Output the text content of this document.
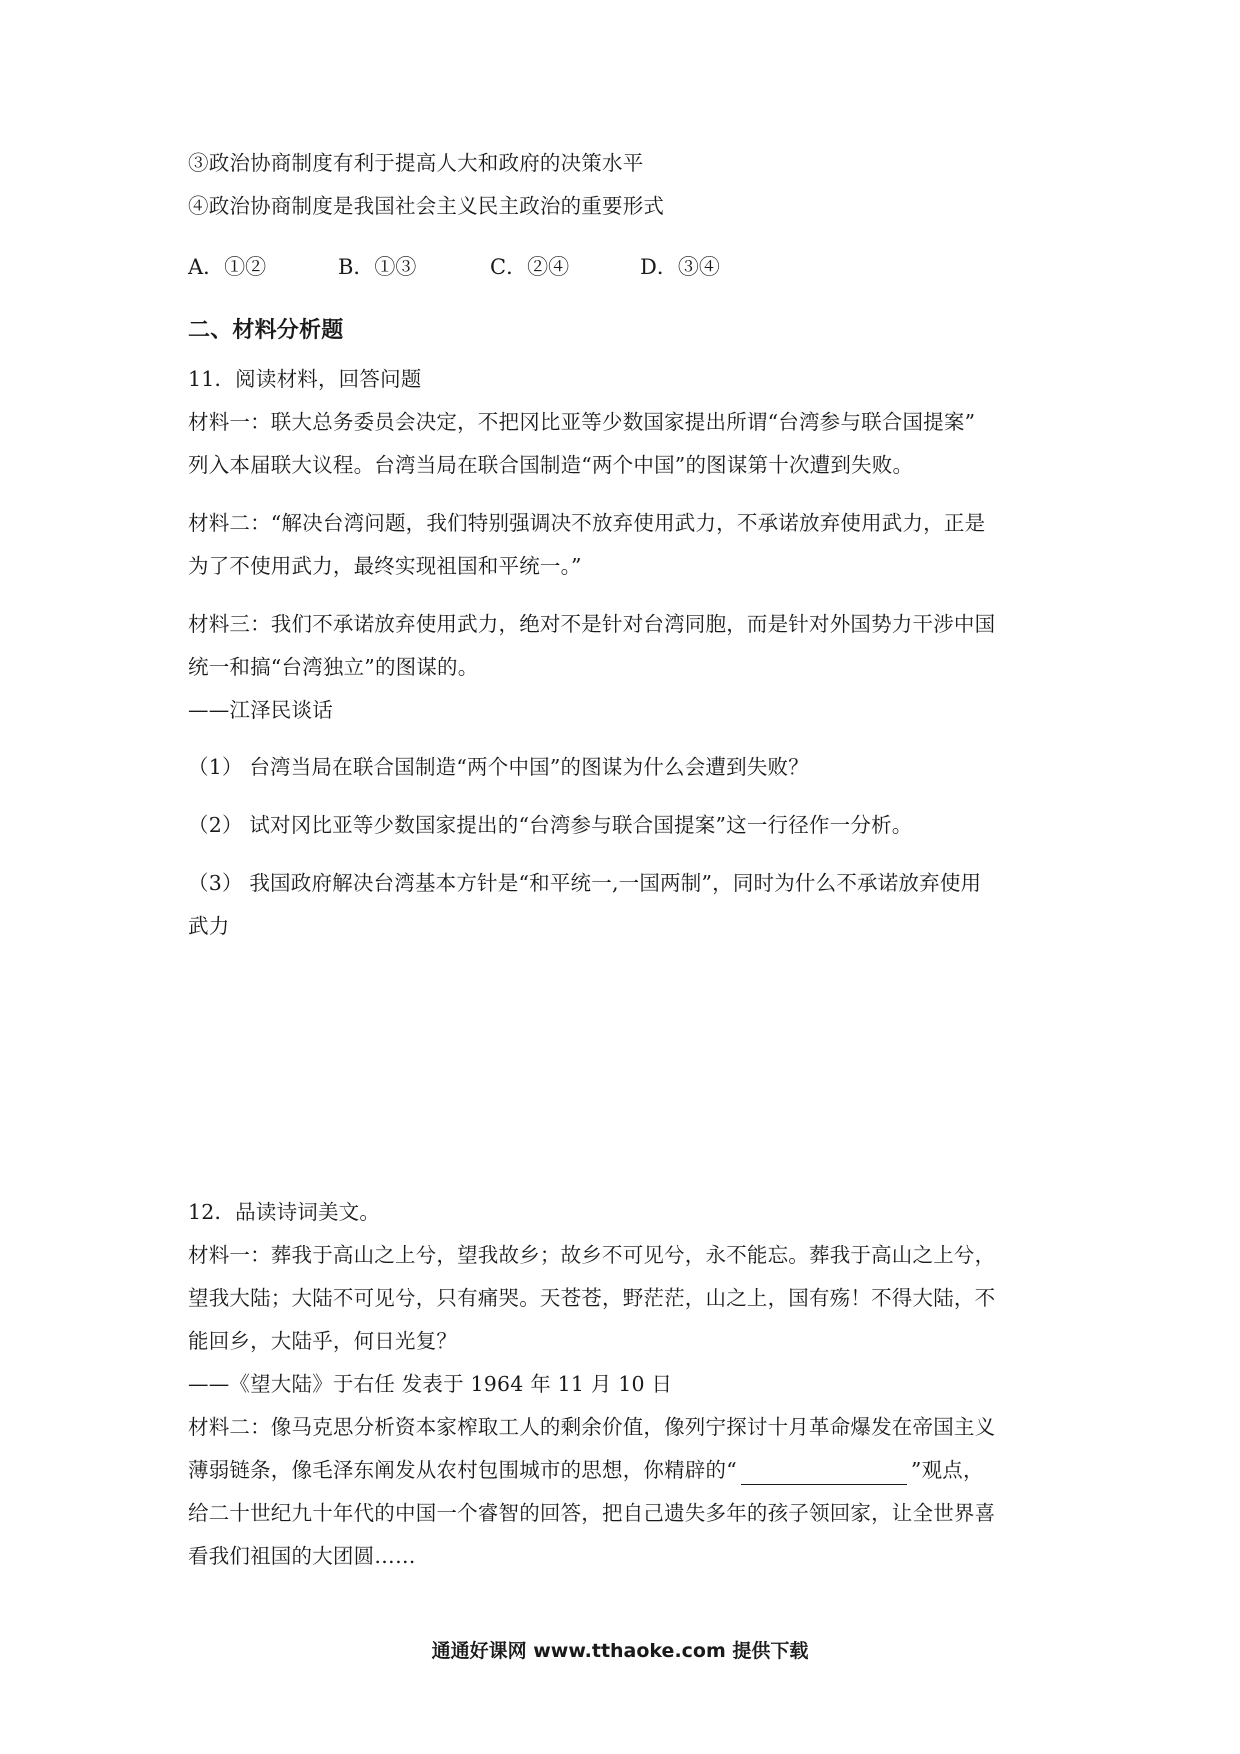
③政治协商制度有利于提高人大和政府的决策水平
④政治协商制度是我国社会主义民主政治的重要形式
A．①②	B．①③	C．②④	D．③④
二、材料分析题
11．阅读材料，回答问题
材料一：联大总务委员会决定，不把冈比亚等少数国家提出所谓“台湾参与联合国提案”
列入本届联大议程。台湾当局在联合国制造“两个中国”的图谋第十次遭到失败。
材料二：“解决台湾问题，我们特别强调决不放弃使用武力，不承诺放弃使用武力，正是
为了不使用武力，最终实现祖国和平统一。”
材料三：我们不承诺放弃使用武力，绝对不是针对台湾同胞，而是针对外国势力干涉中国
统一和搞“台湾独立”的图谋的。
——江泽民谈话
（1） 台湾当局在联合国制造“两个中国”的图谋为什么会遭到失败？
（2） 试对冈比亚等少数国家提出的“台湾参与联合国提案”这一行径作一分析。
（3） 我国政府解决台湾基本方针是“和平统一,一国两制”，同时为什么不承诺放弃使用
武力
12．品读诗词美文。
材料一：葬我于高山之上兮，望我故乡；故乡不可见兮，永不能忘。葬我于高山之上兮，
望我大陆；大陆不可见兮，只有痛哭。天苍苍，野茫茫，山之上，国有殇！不得大陆，不
能回乡，大陆乎，何日光复？
——《望大陆》于右任 发表于 1964 年 11 月 10 日
材料二：像马克思分析资本家榨取工人的剩余价值，像列宁探讨十月革命爆发在帝国主义
薄弱链条，像毛泽东阐发从农村包围城市的思想，你精辟的“	”观点，
给二十世纪九十年代的中国一个睿智的回答，把自己遗失多年的孩子领回家，让全世界喜
看我们祖国的大团圆……
通通好课网 www.tthaoke.com 提供下载
